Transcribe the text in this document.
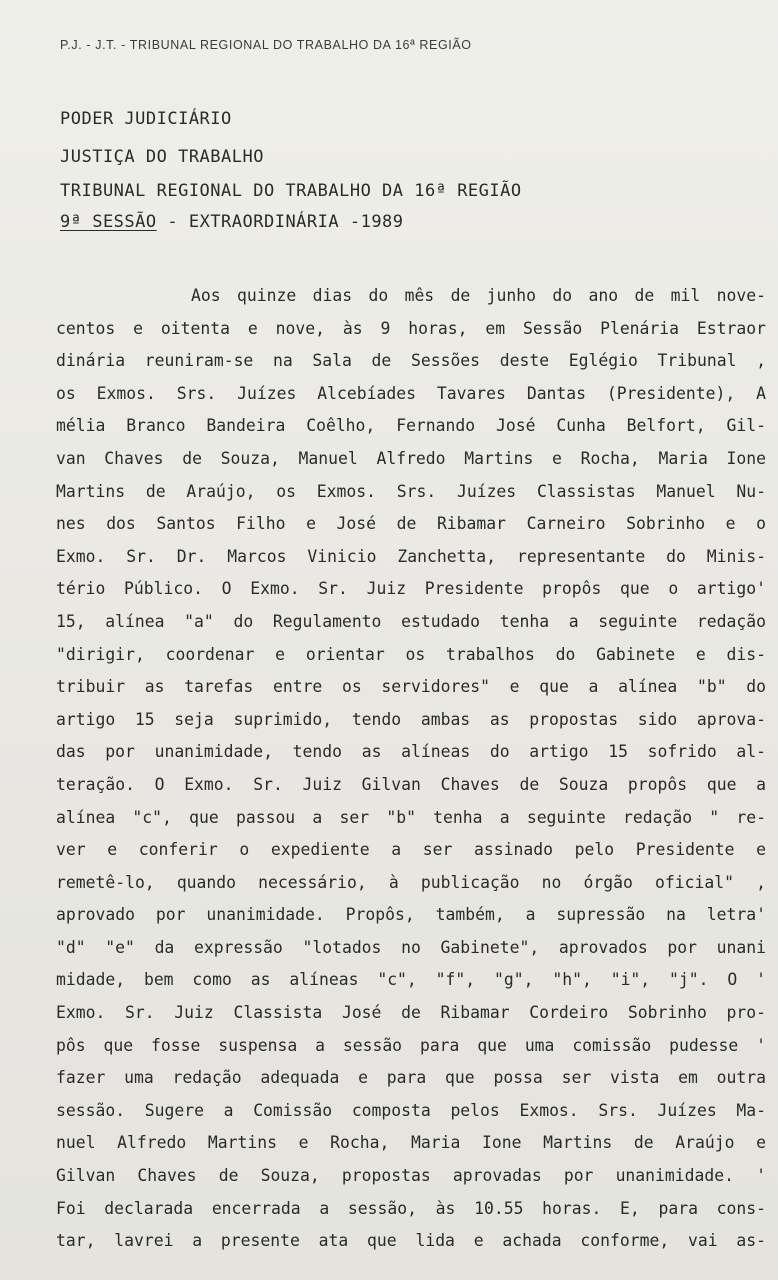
P.J. - J.T. - TRIBUNAL REGIONAL DO TRABALHO DA 16ª REGIÃO
PODER JUDICIÁRIO
JUSTIÇA DO TRABALHO
TRIBUNAL REGIONAL DO TRABALHO DA 16ª REGIÃO
9ª SESSÃO - EXTRAORDINÁRIA -1989
Aos quinze dias do mês de junho do ano de mil nove-
centos e oitenta e nove, às 9 horas, em Sessão Plenária Estraor
dinária reuniram-se na Sala de Sessões deste Eglégio Tribunal ,
os Exmos. Srs. Juízes Alcebíades Tavares Dantas (Presidente), A
mélia Branco Bandeira Coêlho, Fernando José Cunha Belfort, Gil-
van Chaves de Souza, Manuel Alfredo Martins e Rocha, Maria Ione
Martins de Araújo, os Exmos. Srs. Juízes Classistas Manuel Nu-
nes dos Santos Filho e José de Ribamar Carneiro Sobrinho e o
Exmo. Sr. Dr. Marcos Vinicio Zanchetta, representante do Minis-
tério Público. O Exmo. Sr. Juiz Presidente propôs que o artigo'
15, alínea "a" do Regulamento estudado tenha a seguinte redação
"dirigir, coordenar e orientar os trabalhos do Gabinete e dis-
tribuir as tarefas entre os servidores" e que a alínea "b" do
artigo 15 seja suprimido, tendo ambas as propostas sido aprova-
das por unanimidade, tendo as alíneas do artigo 15 sofrido al-
teração. O Exmo. Sr. Juiz Gilvan Chaves de Souza propôs que a
alínea "c", que passou a ser "b" tenha a seguinte redação " re-
ver e conferir o expediente a ser assinado pelo Presidente e
remetê-lo, quando necessário, à publicação no órgão oficial" ,
aprovado por unanimidade. Propôs, também, a supressão na letra'
"d" "e" da expressão "lotados no Gabinete", aprovados por unani
midade, bem como as alíneas "c", "f", "g", "h", "i", "j". O '
Exmo. Sr. Juiz Classista José de Ribamar Cordeiro Sobrinho pro-
pôs que fosse suspensa a sessão para que uma comissão pudesse '
fazer uma redação adequada e para que possa ser vista em outra
sessão. Sugere a Comissão composta pelos Exmos. Srs. Juízes Ma-
nuel Alfredo Martins e Rocha, Maria Ione Martins de Araújo e
Gilvan Chaves de Souza, propostas aprovadas por unanimidade. '
Foi declarada encerrada a sessão, às 10.55 horas. E, para cons-
tar, lavrei a presente ata que lida e achada conforme, vai as-
